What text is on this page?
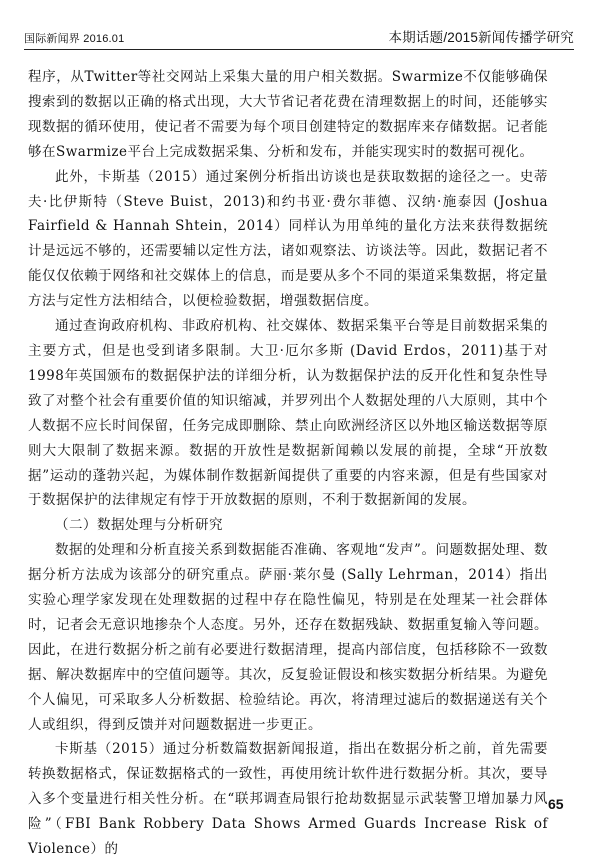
国际新闻界 2016.01	本期话题/2015新闻传播学研究

程序，从Twitter等社交网站上采集大量的用户相关数据。Swarmize不仅能够确保搜索到的数据以正确的格式出现，大大节省记者花费在清理数据上的时间，还能够实现数据的循环使用，使记者不需要为每个项目创建特定的数据库来存储数据。记者能够在Swarmize平台上完成数据采集、分析和发布，并能实现实时的数据可视化。

此外，卡斯基（2015）通过案例分析指出访谈也是获取数据的途径之一。史蒂夫·比伊斯特（Steve Buist，2013)和约书亚·费尔菲德、汉纳·施泰因 (Joshua Fairfield & Hannah Shtein，2014）同样认为用单纯的量化方法来获得数据统计是远远不够的，还需要辅以定性方法，诸如观察法、访谈法等。因此，数据记者不能仅仅依赖于网络和社交媒体上的信息，而是要从多个不同的渠道采集数据，将定量方法与定性方法相结合，以便检验数据，增强数据信度。

通过查询政府机构、非政府机构、社交媒体、数据采集平台等是目前数据采集的主要方式，但是也受到诸多限制。大卫·厄尔多斯 (David Erdos，2011)基于对1998年英国颁布的数据保护法的详细分析，认为数据保护法的反开化性和复杂性导致了对整个社会有重要价值的知识缩减，并罗列出个人数据处理的八大原则，其中个人数据不应长时间保留，任务完成即删除、禁止向欧洲经济区以外地区输送数据等原则大大限制了数据来源。数据的开放性是数据新闻赖以发展的前提，全球“开放数据”运动的蓬勃兴起，为媒体制作数据新闻提供了重要的内容来源，但是有些国家对于数据保护的法律规定有悖于开放数据的原则，不利于数据新闻的发展。

（二）数据处理与分析研究

数据的处理和分析直接关系到数据能否准确、客观地“发声”。问题数据处理、数据分析方法成为该部分的研究重点。萨丽·莱尔曼 (Sally Lehrman，2014）指出实验心理学家发现在处理数据的过程中存在隐性偏见，特别是在处理某一社会群体时，记者会无意识地掺杂个人态度。另外，还存在数据残缺、数据重复输入等问题。因此，在进行数据分析之前有必要进行数据清理，提高内部信度，包括移除不一致数据、解决数据库中的空值问题等。其次，反复验证假设和核实数据分析结果。为避免个人偏见，可采取多人分析数据、检验结论。再次，将清理过滤后的数据递送有关个人或组织，得到反馈并对问题数据进一步更正。

卡斯基（2015）通过分析数篇数据新闻报道，指出在数据分析之前，首先需要转换数据格式，保证数据格式的一致性，再使用统计软件进行数据分析。其次，要导入多个变量进行相关性分析。在“联邦调查局银行抢劫数据显示武装警卫增加暴力风险”（FBI Bank Robbery Data Shows Armed Guards Increase Risk of Violence）的

65
